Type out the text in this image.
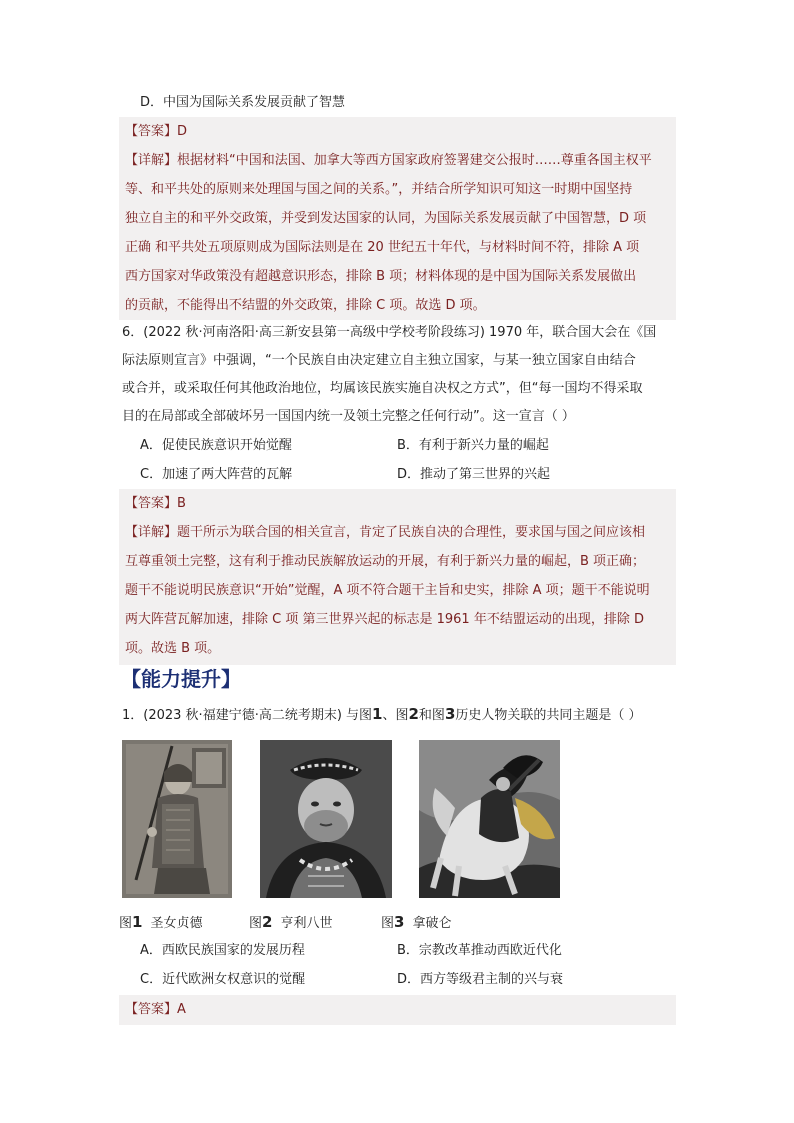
D．中国为国际关系发展贡献了智慧
【答案】D
【详解】根据材料“中国和法国、加拿大等西方国家政府签署建交公报时……尊重各国主权平
等、和平共处的原则来处理国与国之间的关系。”，并结合所学知识可知这一时期中国坚持
独立自主的和平外交政策，并受到发达国家的认同，为国际关系发展贡献了中国智慧，D 项
正确 和平共处五项原则成为国际法则是在 20 世纪五十年代，与材料时间不符，排除 A 项
西方国家对华政策没有超越意识形态，排除 B 项；材料体现的是中国为国际关系发展做出
的贡献，不能得出不结盟的外交政策，排除 C 项。故选 D 项。
6．(2022 秋·河南洛阳·高三新安县第一高级中学校考阶段练习) 1970 年，联合国大会在《国
际法原则宣言》中强调，“一个民族自由决定建立自主独立国家，与某一独立国家自由结合
或合并，或采取任何其他政治地位，均属该民族实施自决权之方式”，但“每一国均不得采取
目的在局部或全部破坏另一国国内统一及领土完整之任何行动”。这一宣言（ ）
A．促使民族意识开始觉醒	B．有利于新兴力量的崛起
C．加速了两大阵营的瓦解	D．推动了第三世界的兴起
【答案】B
【详解】题干所示为联合国的相关宣言，肯定了民族自决的合理性，要求国与国之间应该相
互尊重领土完整，这有利于推动民族解放运动的开展，有利于新兴力量的崛起，B 项正确；
题干不能说明民族意识“开始”觉醒，A 项不符合题干主旨和史实，排除 A 项；题干不能说明
两大阵营瓦解加速，排除 C 项 第三世界兴起的标志是 1961 年不结盟运动的出现，排除 D
项。故选 B 项。
【能力提升】
1．(2023 秋·福建宁德·高二统考期末) 与图1、图2和图3历史人物关联的共同主题是（ ）
图1 圣女贞德	图2 亨利八世	图3 拿破仑
A．西欧民族国家的发展历程	B．宗教改革推动西欧近代化
C．近代欧洲女权意识的觉醒	D．西方等级君主制的兴与衰
【答案】A
